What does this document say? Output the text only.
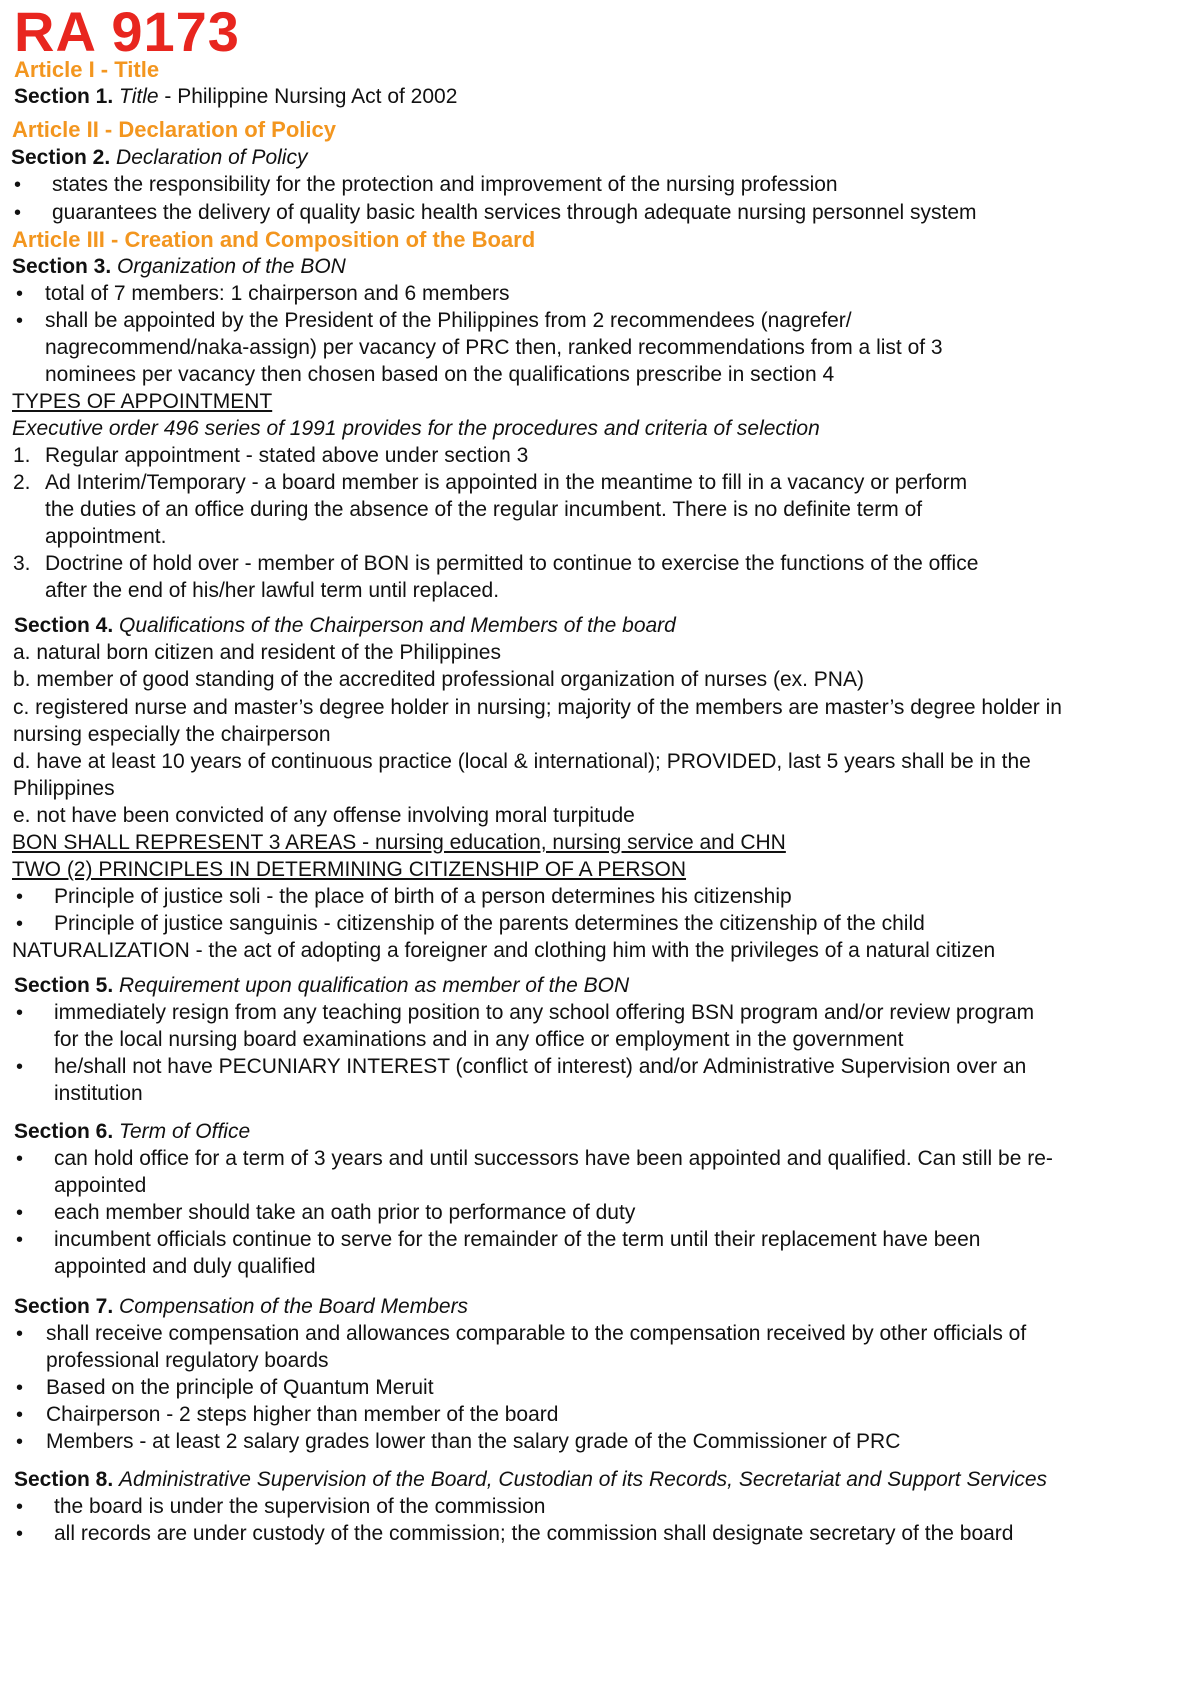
RA 9173
Article I - Title
Section 1. Title - Philippine Nursing Act of 2002
Article II - Declaration of Policy
Section 2. Declaration of Policy
• states the responsibility for the protection and improvement of the nursing profession
• guarantees the delivery of quality basic health services through adequate nursing personnel system
Article III - Creation and Composition of the Board
Section 3. Organization of the BON
• total of 7 members: 1 chairperson and 6 members
• shall be appointed by the President of the Philippines from 2 recommendees (nagrefer/
nagrecommend/naka-assign) per vacancy of PRC then, ranked recommendations from a list of 3
nominees per vacancy then chosen based on the qualifications prescribe in section 4
TYPES OF APPOINTMENT
Executive order 496 series of 1991 provides for the procedures and criteria of selection
1. Regular appointment - stated above under section 3
2. Ad Interim/Temporary - a board member is appointed in the meantime to fill in a vacancy or perform
the duties of an office during the absence of the regular incumbent. There is no definite term of
appointment.
3. Doctrine of hold over - member of BON is permitted to continue to exercise the functions of the office
after the end of his/her lawful term until replaced.
Section 4. Qualifications of the Chairperson and Members of the board
a. natural born citizen and resident of the Philippines
b. member of good standing of the accredited professional organization of nurses (ex. PNA)
c. registered nurse and master’s degree holder in nursing; majority of the members are master’s degree holder in
nursing especially the chairperson
d. have at least 10 years of continuous practice (local & international); PROVIDED, last 5 years shall be in the
Philippines
e. not have been convicted of any offense involving moral turpitude
BON SHALL REPRESENT 3 AREAS - nursing education, nursing service and CHN
TWO (2) PRINCIPLES IN DETERMINING CITIZENSHIP OF A PERSON
• Principle of justice soli - the place of birth of a person determines his citizenship
• Principle of justice sanguinis - citizenship of the parents determines the citizenship of the child
NATURALIZATION - the act of adopting a foreigner and clothing him with the privileges of a natural citizen
Section 5. Requirement upon qualification as member of the BON
• immediately resign from any teaching position to any school offering BSN program and/or review program
for the local nursing board examinations and in any office or employment in the government
• he/shall not have PECUNIARY INTEREST (conflict of interest) and/or Administrative Supervision over an
institution
Section 6. Term of Office
• can hold office for a term of 3 years and until successors have been appointed and qualified. Can still be re-
appointed
• each member should take an oath prior to performance of duty
• incumbent officials continue to serve for the remainder of the term until their replacement have been
appointed and duly qualified
Section 7. Compensation of the Board Members
• shall receive compensation and allowances comparable to the compensation received by other officials of
professional regulatory boards
• Based on the principle of Quantum Meruit
• Chairperson - 2 steps higher than member of the board
• Members - at least 2 salary grades lower than the salary grade of the Commissioner of PRC
Section 8. Administrative Supervision of the Board, Custodian of its Records, Secretariat and Support Services
• the board is under the supervision of the commission
• all records are under custody of the commission; the commission shall designate secretary of the board
